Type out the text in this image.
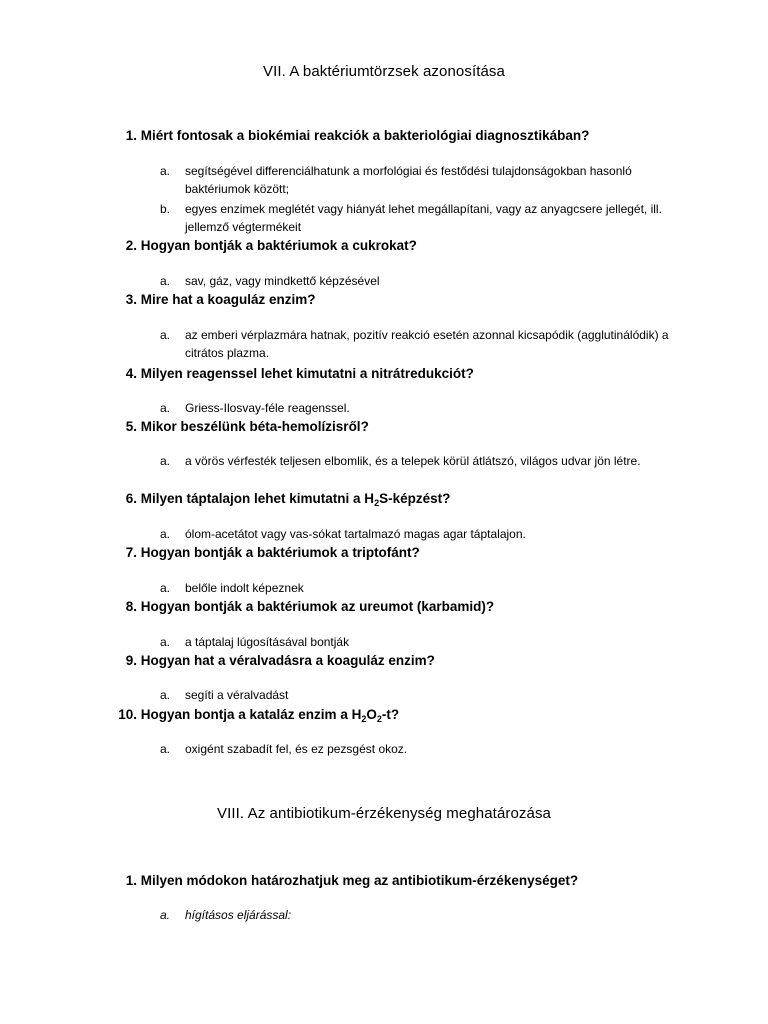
VII. A baktériumtörzsek azonosítása

1. Miért fontosak a biokémiai reakciók a bakteriológiai diagnosztikában?

a.	segítségével differenciálhatunk a morfológiai és festődési tulajdonságokban hasonló baktériumok között;
b.	egyes enzimek meglétét vagy hiányát lehet megállapítani, vagy az anyagcsere jellegét, ill. jellemző végtermékeit

2. Hogyan bontják a baktériumok a cukrokat?

a.	sav, gáz, vagy mindkettő képzésével

3. Mire hat a koaguláz enzim?

a.	az emberi vérplazmára hatnak, pozitív reakció esetén azonnal kicsapódik (agglutinálódik) a citrátos plazma.

4. Milyen reagenssel lehet kimutatni a nitrátredukciót?

a.	Griess-Ilosvay-féle reagenssel.

5. Mikor beszélünk béta-hemolízisről?

a.	a vörös vérfesték teljesen elbomlik, és a telepek körül átlátszó, világos udvar jön létre.

6. Milyen táptalajon lehet kimutatni a $H_2S$-képzést?

a.	ólom-acetátot vagy vas-sókat tartalmazó magas agar táptalajon.

7. Hogyan bontják a baktériumok a triptofánt?

a.	belőle indolt képeznek

8. Hogyan bontják a baktériumok az ureumot (karbamid)?

a.	a táptalaj lúgosításával bontják

9. Hogyan hat a véralvadásra a koaguláz enzim?

a.	segíti a véralvadást

10. Hogyan bontja a kataláz enzim a $H_2O_2-t$?

a.	oxigént szabadít fel, és ez pezsgést okoz.
VIII. Az antibiotikum-érzékenység meghatározása

1. Milyen módokon határozhatjuk meg az antibiotikum-érzékenységet?

a.	hígításos eljárással:
